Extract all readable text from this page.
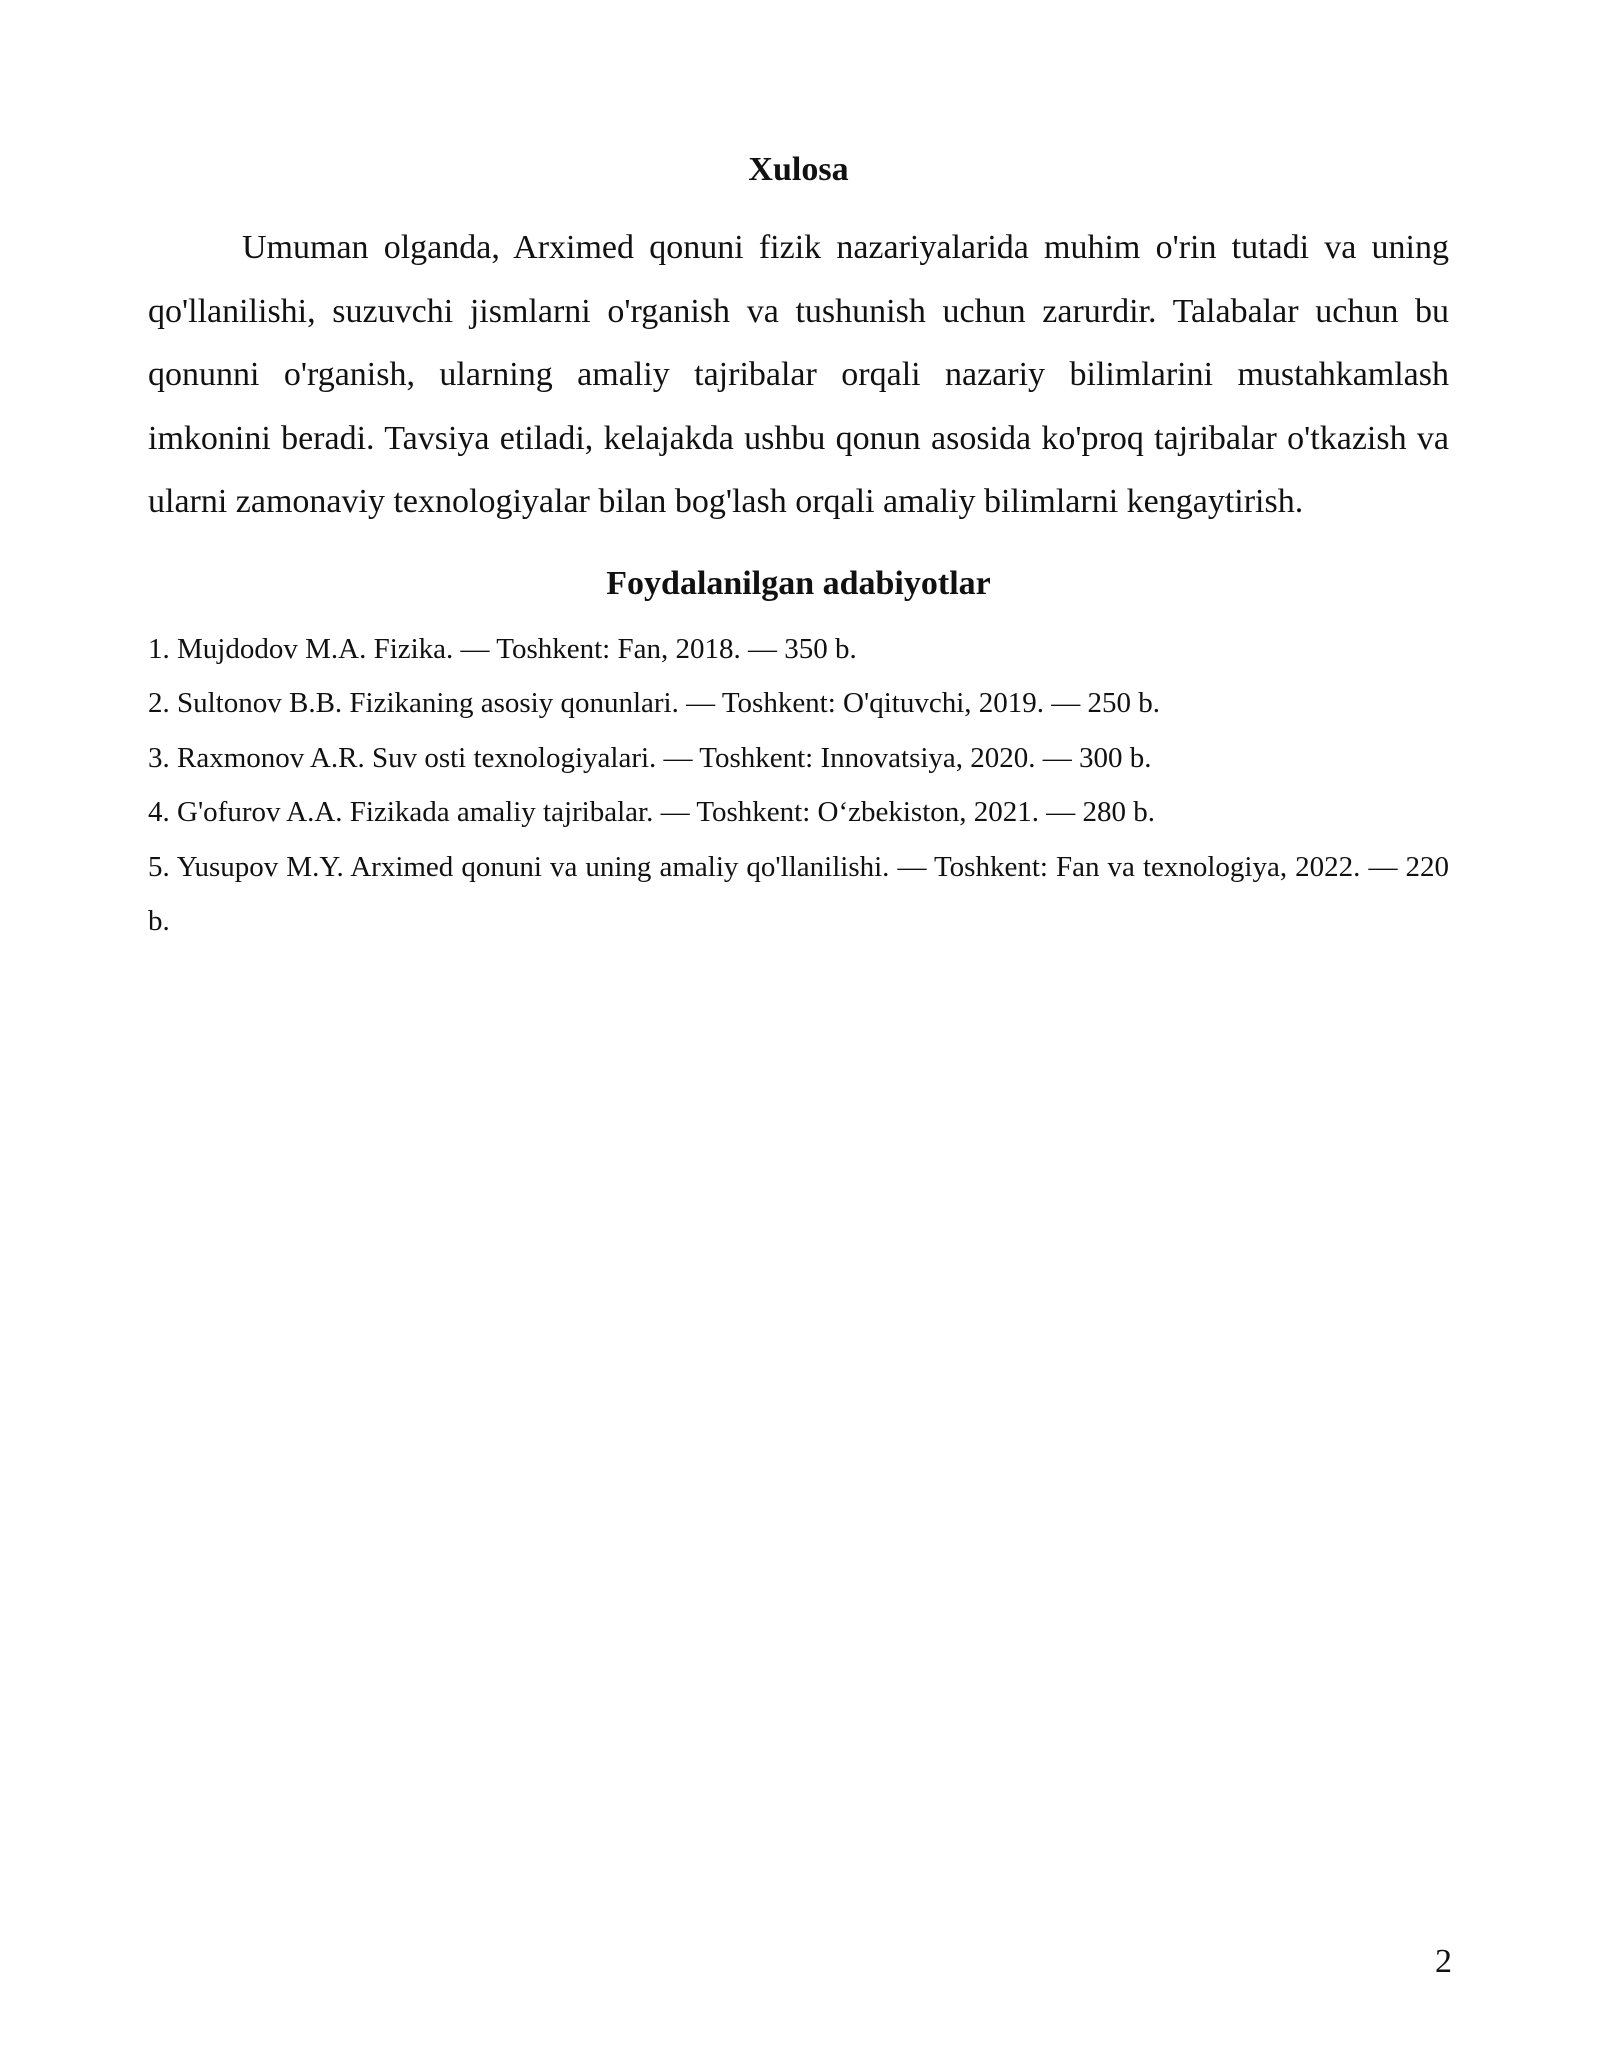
Xulosa

Umuman olganda, Arximed qonuni fizik nazariyalarida muhim o'rin tutadi va uning qo'llanilishi, suzuvchi jismlarni o'rganish va tushunish uchun zarurdir. Talabalar uchun bu qonunni o'rganish, ularning amaliy tajribalar orqali nazariy bilimlarini mustahkamlash imkonini beradi. Tavsiya etiladi, kelajakda ushbu qonun asosida ko'proq tajribalar o'tkazish va ularni zamonaviy texnologiyalar bilan bog'lash orqali amaliy bilimlarni kengaytirish.

Foydalanilgan adabiyotlar
1. Mujdodov M.A. Fizika. — Toshkent: Fan, 2018. — 350 b.
2. Sultonov B.B. Fizikaning asosiy qonunlari. — Toshkent: O'qituvchi, 2019. — 250 b.
3. Raxmonov A.R. Suv osti texnologiyalari. — Toshkent: Innovatsiya, 2020. — 300 b.
4. G'ofurov A.A. Fizikada amaliy tajribalar. — Toshkent: O‘zbekiston, 2021. — 280 b.
5. Yusupov M.Y. Arximed qonuni va uning amaliy qo'llanilishi. — Toshkent: Fan va texnologiya, 2022. — 220 b.
2
